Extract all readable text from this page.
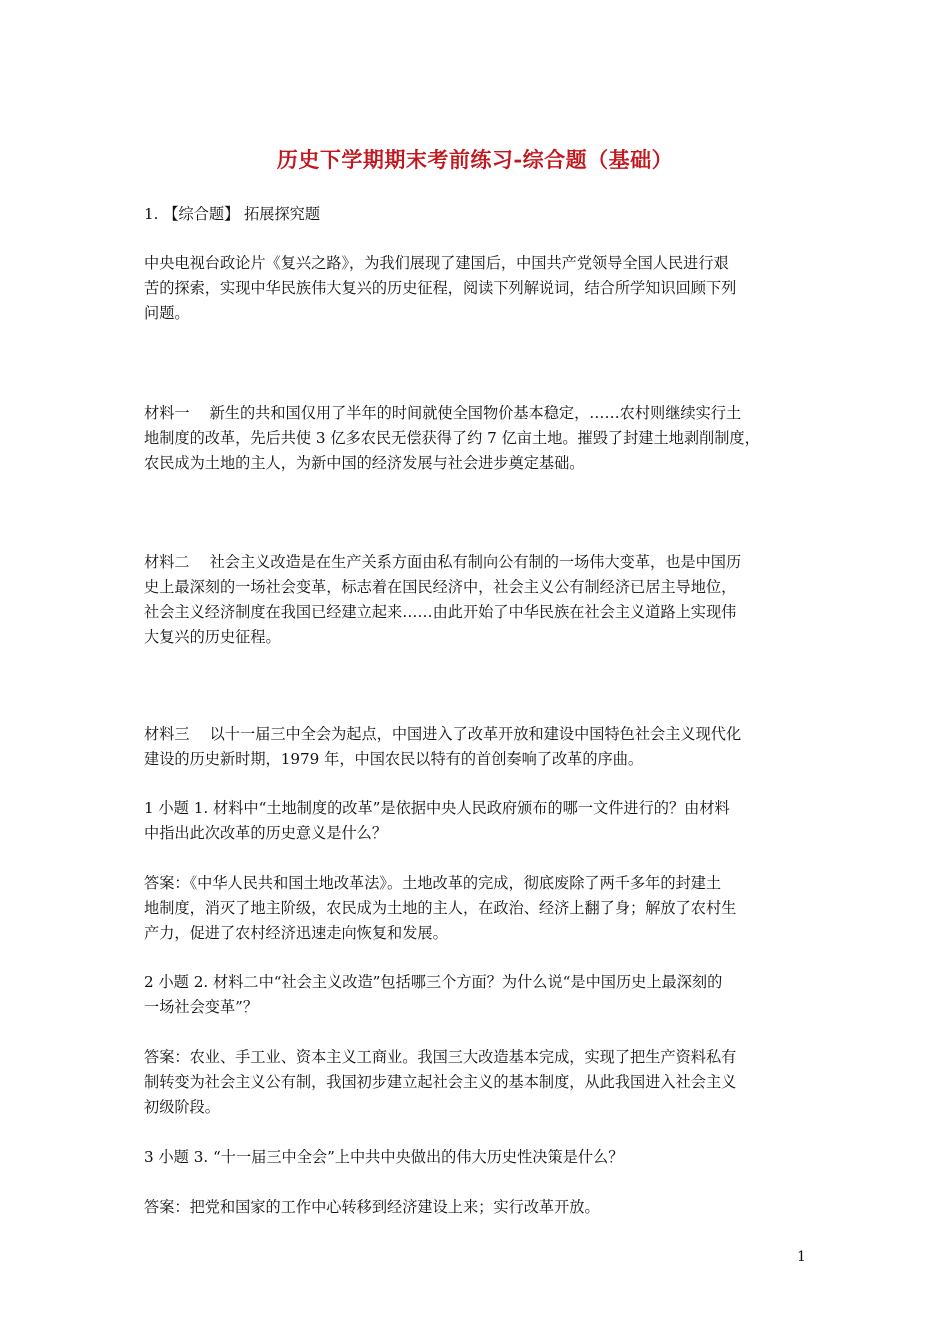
历史下学期期末考前练习-综合题（基础）

1. 【综合题】 拓展探究题

中央电视台政论片《复兴之路》，为我们展现了建国后，中国共产党领导全国人民进行艰
苦的探索，实现中华民族伟大复兴的历史征程，阅读下列解说词，结合所学知识回顾下列
问题。

材料一　 新生的共和国仅用了半年的时间就使全国物价基本稳定，……农村则继续实行土
地制度的改革，先后共使 3 亿多农民无偿获得了约 7 亿亩土地。摧毁了封建土地剥削制度，
农民成为土地的主人，为新中国的经济发展与社会进步奠定基础。

材料二　 社会主义改造是在生产关系方面由私有制向公有制的一场伟大变革，也是中国历
史上最深刻的一场社会变革，标志着在国民经济中，社会主义公有制经济已居主导地位，
社会主义经济制度在我国已经建立起来……由此开始了中华民族在社会主义道路上实现伟
大复兴的历史征程。

材料三　 以十一届三中全会为起点，中国进入了改革开放和建设中国特色社会主义现代化
建设的历史新时期，1979 年，中国农民以特有的首创奏响了改革的序曲。

1 小题 1. 材料中“土地制度的改革”是依据中央人民政府颁布的哪一文件进行的？由材料
中指出此次改革的历史意义是什么？

答案：《中华人民共和国土地改革法》。土地改革的完成，彻底废除了两千多年的封建土
地制度，消灭了地主阶级，农民成为土地的主人，在政治、经济上翻了身；解放了农村生
产力，促进了农村经济迅速走向恢复和发展。

2 小题 2. 材料二中“社会主义改造”包括哪三个方面？为什么说“是中国历史上最深刻的
一场社会变革”？

答案：农业、手工业、资本主义工商业。我国三大改造基本完成，实现了把生产资料私有
制转变为社会主义公有制，我国初步建立起社会主义的基本制度，从此我国进入社会主义
初级阶段。

3 小题 3. “十一届三中全会”上中共中央做出的伟大历史性决策是什么？

答案：把党和国家的工作中心转移到经济建设上来；实行改革开放。

1
